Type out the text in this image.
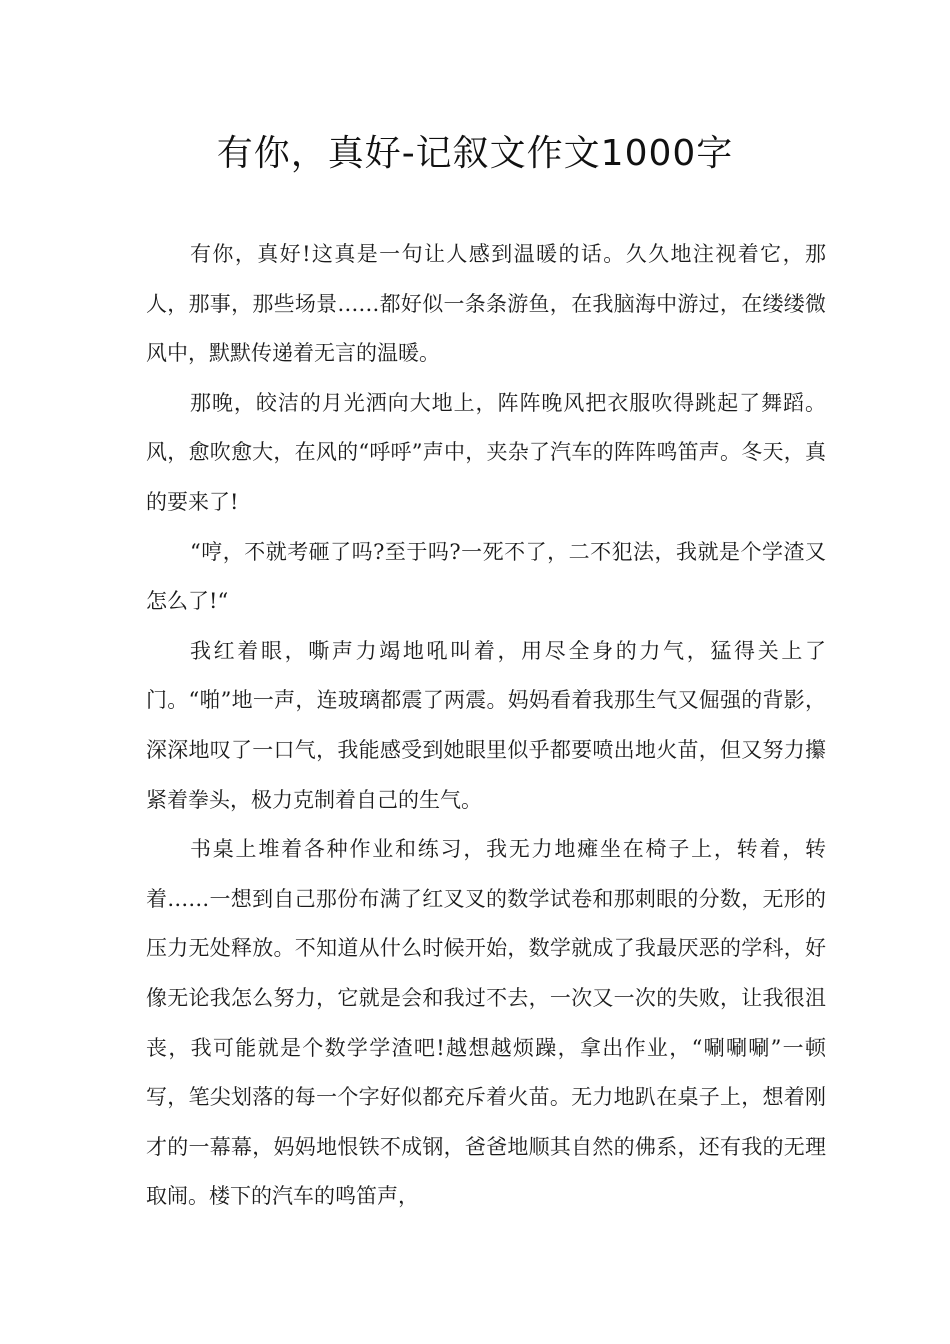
有你，真好-记叙文作文1000字

有你，真好!这真是一句让人感到温暖的话。久久地注视着它，那人，那事，那些场景……都好似一条条游鱼，在我脑海中游过，在缕缕微风中，默默传递着无言的温暖。

那晚，皎洁的月光洒向大地上，阵阵晚风把衣服吹得跳起了舞蹈。风，愈吹愈大，在风的“呼呼”声中，夹杂了汽车的阵阵鸣笛声。冬天，真的要来了!

“哼，不就考砸了吗?至于吗?一死不了，二不犯法，我就是个学渣又怎么了!“

我红着眼，嘶声力竭地吼叫着，用尽全身的力气，猛得关上了门。“啪”地一声，连玻璃都震了两震。妈妈看着我那生气又倔强的背影，深深地叹了一口气，我能感受到她眼里似乎都要喷出地火苗，但又努力攥紧着拳头，极力克制着自己的生气。

书桌上堆着各种作业和练习，我无力地瘫坐在椅子上，转着，转着……一想到自己那份布满了红叉叉的数学试卷和那刺眼的分数，无形的压力无处释放。不知道从什么时候开始，数学就成了我最厌恶的学科，好像无论我怎么努力，它就是会和我过不去，一次又一次的失败，让我很沮丧，我可能就是个数学学渣吧!越想越烦躁，拿出作业，“唰唰唰”一顿写，笔尖划落的每一个字好似都充斥着火苗。无力地趴在桌子上，想着刚才的一幕幕，妈妈地恨铁不成钢，爸爸地顺其自然的佛系，还有我的无理取闹。楼下的汽车的鸣笛声，
